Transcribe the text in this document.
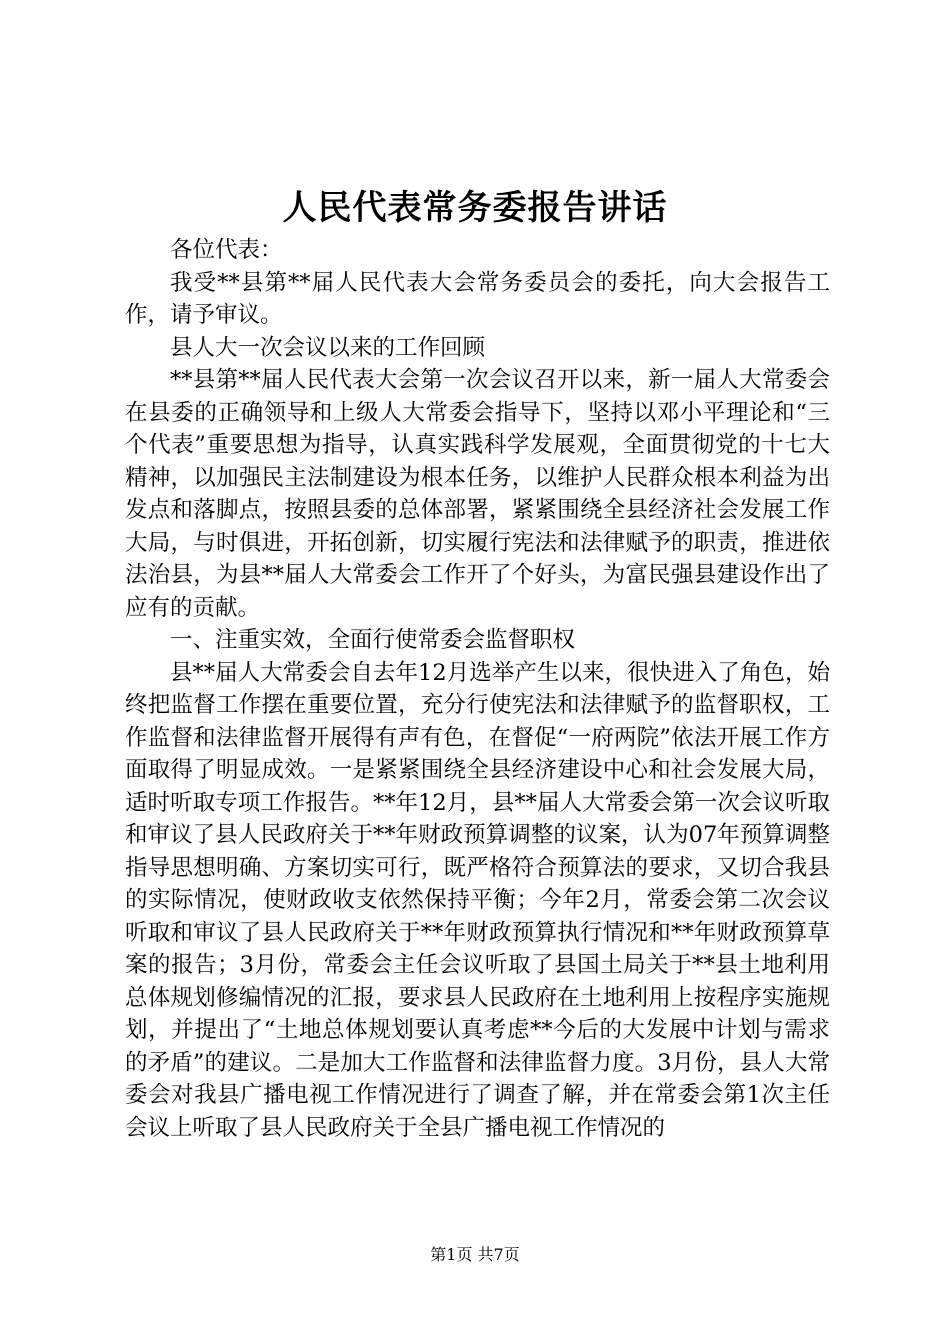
人民代表常务委报告讲话

各位代表：

我受**县第**届人民代表大会常务委员会的委托，向大会报告工作，请予审议。

县人大一次会议以来的工作回顾

**县第**届人民代表大会第一次会议召开以来，新一届人大常委会在县委的正确领导和上级人大常委会指导下，坚持以邓小平理论和“三个代表”重要思想为指导，认真实践科学发展观，全面贯彻党的十七大精神，以加强民主法制建设为根本任务，以维护人民群众根本利益为出发点和落脚点，按照县委的总体部署，紧紧围绕全县经济社会发展工作大局，与时俱进，开拓创新，切实履行宪法和法律赋予的职责，推进依法治县，为县**届人大常委会工作开了个好头，为富民强县建设作出了应有的贡献。

一、注重实效，全面行使常委会监督职权

县**届人大常委会自去年12月选举产生以来，很快进入了角色，始终把监督工作摆在重要位置，充分行使宪法和法律赋予的监督职权，工作监督和法律监督开展得有声有色，在督促“一府两院”依法开展工作方面取得了明显成效。一是紧紧围绕全县经济建设中心和社会发展大局，适时听取专项工作报告。**年12月，县**届人大常委会第一次会议听取和审议了县人民政府关于**年财政预算调整的议案，认为07年预算调整指导思想明确、方案切实可行，既严格符合预算法的要求，又切合我县的实际情况，使财政收支依然保持平衡；今年2月，常委会第二次会议听取和审议了县人民政府关于**年财政预算执行情况和**年财政预算草案的报告；3月份，常委会主任会议听取了县国土局关于**县土地利用总体规划修编情况的汇报，要求县人民政府在土地利用上按程序实施规划，并提出了“土地总体规划要认真考虑**今后的大发展中计划与需求的矛盾”的建议。二是加大工作监督和法律监督力度。3月份，县人大常委会对我县广播电视工作情况进行了调查了解，并在常委会第1次主任会议上听取了县人民政府关于全县广播电视工作情况的

第1页 共7页
